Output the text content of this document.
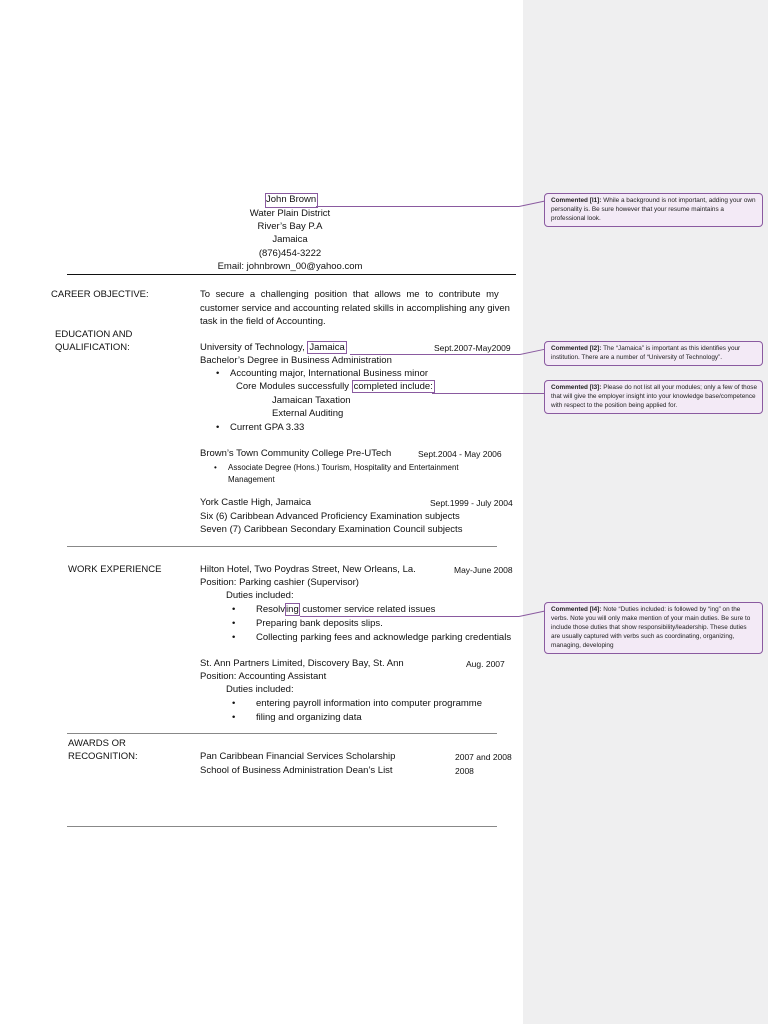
John Brown
Water Plain District
River’s Bay P.A
Jamaica
(876)454-3222
Email: johnbrown_00@yahoo.com
CAREER OBJECTIVE:	To secure a challenging position that allows me to contribute my
customer service and accounting related skills in accomplishing any given
task in the field of Accounting.
EDUCATION AND
QUALIFICATION:	University of Technology, Jamaica	Sept.2007-May2009
Bachelor’s Degree in Business Administration
• Accounting major, International Business minor
Core Modules successfully completed include:
Jamaican Taxation
External Auditing
• Current GPA 3.33
Brown’s Town Community College Pre-UTech	Sept.2004 - May 2006
• Associate Degree (Hons.) Tourism, Hospitality and Entertainment
Management
York Castle High, Jamaica	Sept.1999 - July 2004
Six (6) Caribbean Advanced Proficiency Examination subjects
Seven (7) Caribbean Secondary Examination Council subjects
WORK EXPERIENCE	Hilton Hotel, Two Poydras Street, New Orleans, La.	May-June 2008
Position: Parking cashier (Supervisor)
Duties included:
• Resolving customer service related issues
• Preparing bank deposits slips.
• Collecting parking fees and acknowledge parking credentials
St. Ann Partners Limited, Discovery Bay, St. Ann	Aug. 2007
Position: Accounting Assistant
Duties included:
• entering payroll information into computer programme
• filing and organizing data
AWARDS OR
RECOGNITION:	Pan Caribbean Financial Services Scholarship	2007 and 2008
School of Business Administration Dean’s List	2008
Commented [I1]: While a background is not important, adding your own personality is. Be sure however that your resume maintains a professional look.
Commented [I2]: The “Jamaica” is important as this identifies your institution. There are a number of “University of Technology”.
Commented [I3]: Please do not list all your modules; only a few of those that will give the employer insight into your knowledge base/competence with respect to the position being applied for.
Commented [I4]: Note “Duties included: is followed by “ing” on the verbs. Note you will only make mention of your main duties. Be sure to include those duties that show responsibility/leadership. These duties are usually captured with verbs such as coordinating, organizing, managing, developing
